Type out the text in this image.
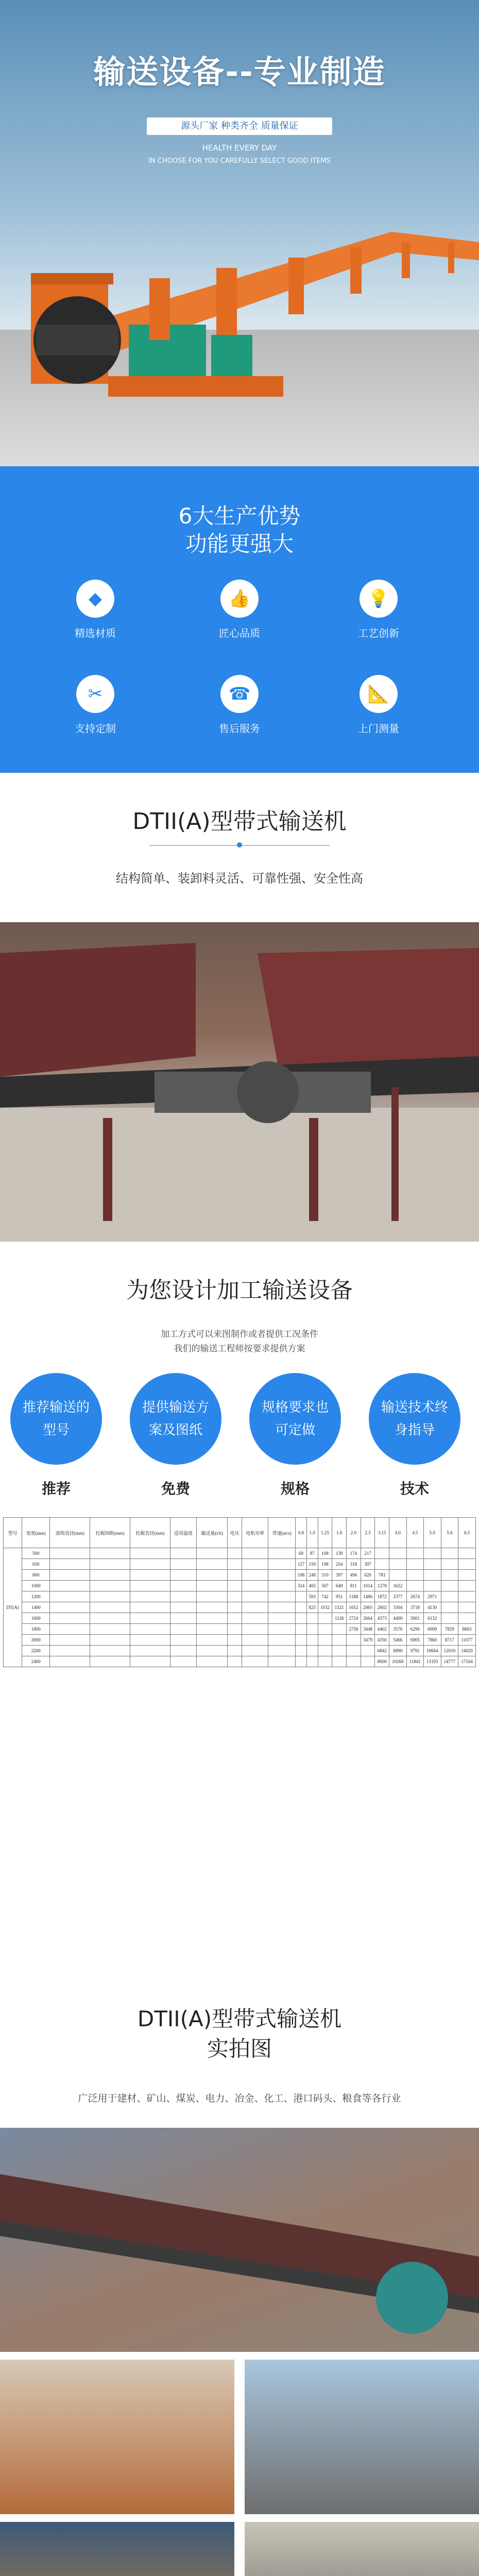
输送设备--专业制造
源头厂家 种类齐全 质量保证
HEALTH EVERY DAY
IN CHOOSE FOR YOU CAREFULLY SELECT GOOD ITEMS
6大生产优势
功能更强大
◆
精选材质
👍
匠心品质
💡
工艺创新
✂
支持定制
☎
售后服务
📐
上门测量
DTII(A)型带式输送机
结构简单、装卸料灵活、可靠性强、安全性高
为您设计加工输送设备
加工方式可以来图制作或者提供工况条件
我们的输送工程师按要求提供方案
推荐输送的型号
提供输送方案及图纸
规格要求也可定做
输送技术终身指导
推荐	免费	规格	技术
型号	宽度(mm)	滚筒直径(mm)	托辊间距(mm)	托辊直径(mm)	适用温度	输送量(t/h)	电压	电机功率	带速(m/s)	0.8	1.0	1.25	1.6	2.0	2.5	3.15	4.0	4.5	5.0	5.6	6.5
DT(A)	500									69	87	108	139	174	217						
	650									127	159	198	254	318	397						
	800									198	248	310	397	496	620	781					
	1000									324	405	507	649	811	1014	1278	1622				
	1200										593	742	951	1188	1486	1872	2377	2674	2971		
	1400										825	1032	1321	1652	2065	2602	3304	3718	4130		
	1600												1126	2724	2664	4373	4400	5001	6132		
	1800													2758	3448	4402	3576	6290	6909	7829	8683
	2000														3479	4350	5466	6905	7860	8717	11077
	2200															6842	8890	9791	10664	12010	14020
	2400															8000	10260	11841	13193	14777	17164
DTII(A)型带式输送机
实拍图
广泛用于建材、矿山、煤炭、电力、冶金、化工、港口码头、粮食等各行业
